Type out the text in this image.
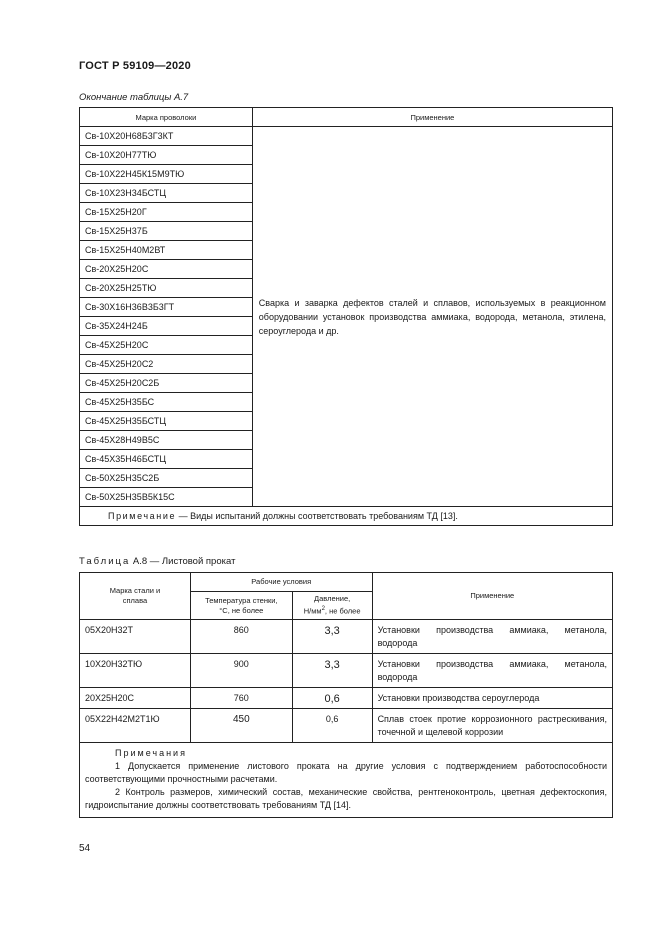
ГОСТ Р 59109—2020
Окончание таблицы А.7
Марка проволоки	Применение
Св-10Х20Н68Б3Г3КТ	Сварка и заварка дефектов сталей и сплавов, используемых в реакционном оборудовании установок производства аммиака, водорода, метанола, этилена, сероуглерода и др.
Св-10Х20Н77ТЮ	
Св-10Х22Н45К15М9ТЮ	
Св-10Х23Н34БСТЦ	
Св-15Х25Н20Г	
Св-15Х25Н37Б	
Св-15Х25Н40М2ВТ	
Св-20Х25Н20С	
Св-20Х25Н25ТЮ	
Св-30Х16Н36В3Б3ГТ	
Св-35Х24Н24Б	
Св-45Х25Н20С	
Св-45Х25Н20С2	
Св-45Х25Н20С2Б	
Св-45Х25Н35БС	
Св-45Х25Н35БСТЦ	
Св-45Х28Н49В5С	
Св-45Х35Н46БСТЦ	
Св-50Х25Н35С2Б	
Св-50Х25Н35В5К15С	
Примечание — Виды испытаний должны соответствовать требованиям ТД [13].	
Таблица А.8 — Листовой прокат
Марка стали и сплава	Рабочие условия		Применение
	Температура стенки, °С, не более	Давление,
$Н/мм^2$, не более	
05Х20Н32Т	860	3,3	Установки производства аммиака, метанола, водорода
10Х20Н32ТЮ	900	3,3	Установки производства аммиака, метанола, водорода
20Х25Н20С	760	0,6	Установки производства сероуглерода
05Х22Н42М2Т1Ю	450	0,6	Сплав стоек протие коррозионного растрескивания, точечной и щелевой коррозии

Примечания
1 Допускается применение листового проката на другие условия с подтверждением работоспособности соответствующими прочностными расчетами.
2 Контроль размеров, химический состав, механические свойства, рентгеноконтроль, цветная дефектоскопия, гидроиспытание должны соответствовать требованиям ТД [14].			
54
